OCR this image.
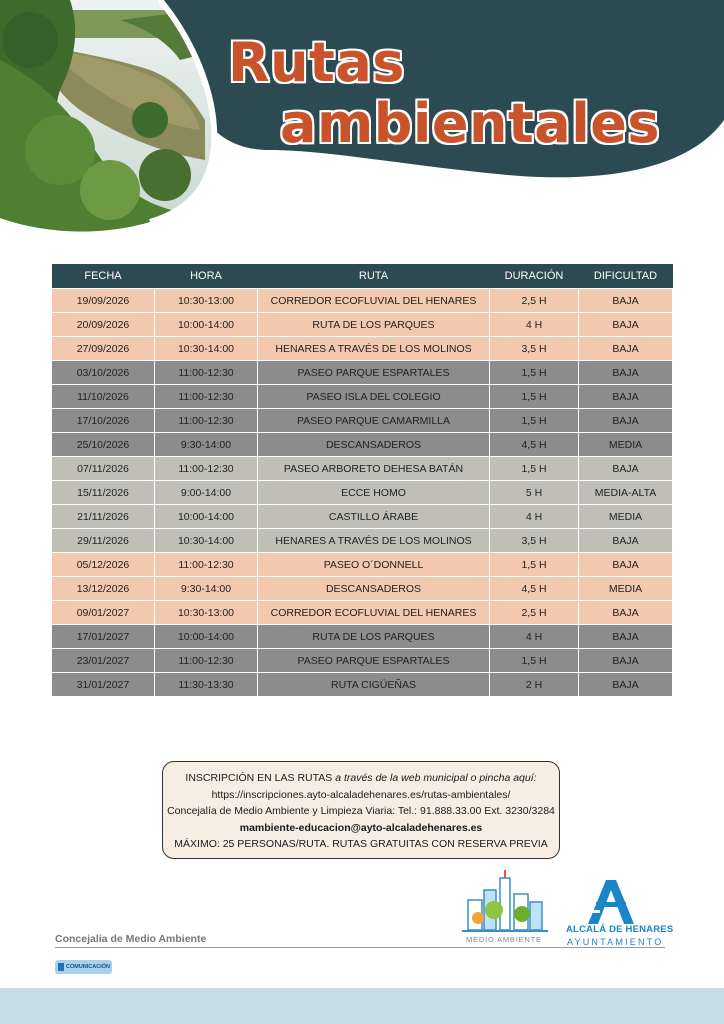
Rutas
ambientales
FECHA	HORA	RUTA	DURACIÓN	DIFICULTAD
19/09/2026	10:30-13:00	CORREDOR ECOFLUVIAL DEL HENARES	2,5 H	BAJA
20/09/2026	10:00-14:00	RUTA DE LOS PARQUES	4 H	BAJA
27/09/2026	10:30-14:00	HENARES A TRAVÉS DE LOS MOLINOS	3,5 H	BAJA
03/10/2026	11:00-12:30	PASEO PARQUE ESPARTALES	1,5 H	BAJA
11/10/2026	11:00-12:30	PASEO ISLA DEL COLEGIO	1,5 H	BAJA
17/10/2026	11:00-12:30	PASEO PARQUE CAMARMILLA	1,5 H	BAJA
25/10/2026	9:30-14:00	DESCANSADEROS	4,5 H	MEDIA
07/11/2026	11:00-12:30	PASEO ARBORETO DEHESA BATÁN	1,5 H	BAJA
15/11/2026	9:00-14:00	ECCE HOMO	5 H	MEDIA-ALTA
21/11/2026	10:00-14:00	CASTILLO ÁRABE	4 H	MEDIA
29/11/2026	10:30-14:00	HENARES A TRAVÉS DE LOS MOLINOS	3,5 H	BAJA
05/12/2026	11:00-12:30	PASEO O´DONNELL	1,5 H	BAJA
13/12/2026	9:30-14:00	DESCANSADEROS	4,5 H	MEDIA
09/01/2027	10:30-13:00	CORREDOR ECOFLUVIAL DEL HENARES	2,5 H	BAJA
17/01/2027	10:00-14:00	RUTA DE LOS PARQUES	4 H	BAJA
23/01/2027	11:00-12:30	PASEO PARQUE ESPARTALES	1,5 H	BAJA
31/01/2027	11:30-13:30	RUTA CIGÜEÑAS	2 H	BAJA
INSCRIPCIÓN EN LAS RUTAS a través de la web municipal o pincha aquí:
https://inscripciones.ayto-alcaladehenares.es/rutas-ambientales/
Concejalía de Medio Ambiente y Limpieza Viaria: Tel.: 91.888.33.00 Ext. 3230/3284
mambiente-educacion@ayto-alcaladehenares.es
MÁXIMO: 25 PERSONAS/RUTA. RUTAS GRATUITAS CON RESERVA PREVIA
MEDIO AMBIENTE
ALCALÁ DE HENARES
AYUNTAMIENTO
Concejalía de Medio Ambiente
COMUNICACIÓN
